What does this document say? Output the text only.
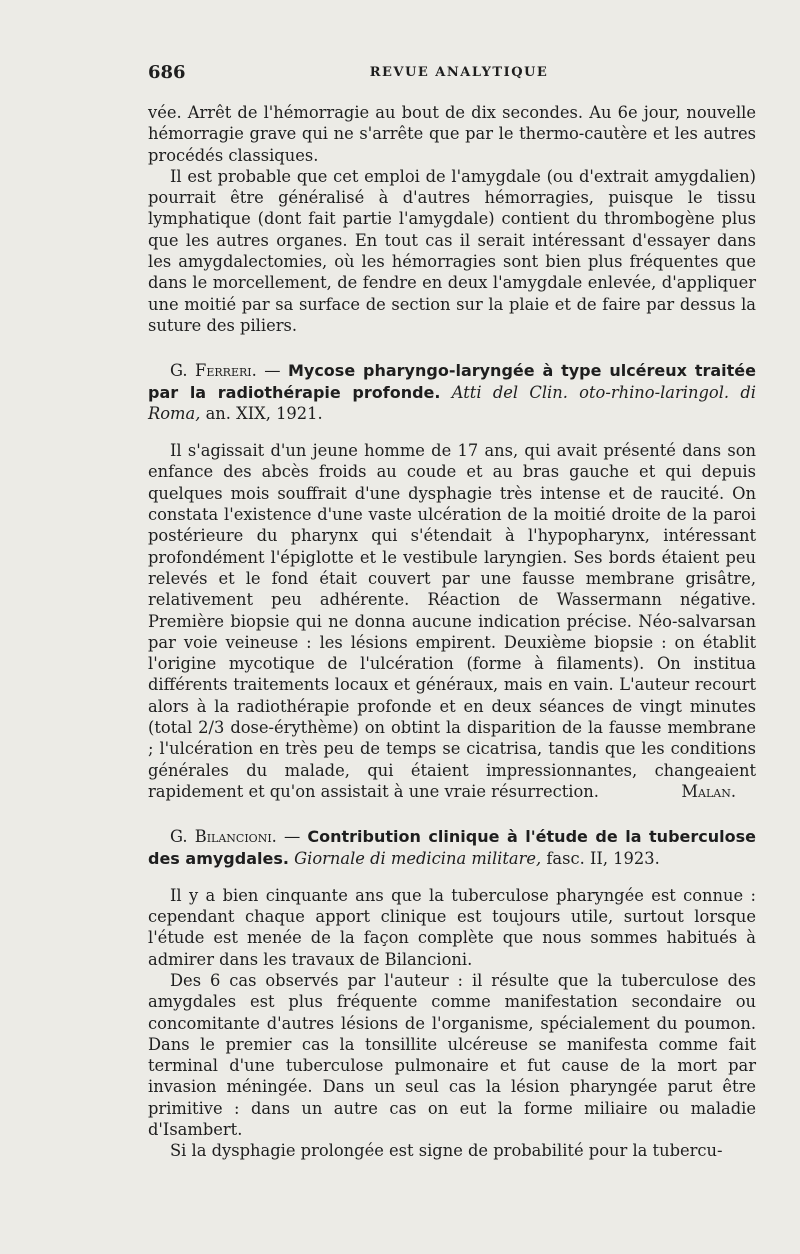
686	REVUE ANALYTIQUE

vée. Arrêt de l'hémorragie au bout de dix secondes. Au 6e jour, nouvelle hémorragie grave qui ne s'arrête que par le thermo-cautère et les autres procédés classiques.

Il est probable que cet emploi de l'amygdale (ou d'extrait amygdalien) pourrait être généralisé à d'autres hémorragies, puisque le tissu lymphatique (dont fait partie l'amygdale) contient du thrombogène plus que les autres organes. En tout cas il serait intéressant d'essayer dans les amygdalectomies, où les hémorragies sont bien plus fréquentes que dans le morcellement, de fendre en deux l'amygdale enlevée, d'appliquer une moitié par sa surface de section sur la plaie et de faire par dessus la suture des piliers.

G. Ferreri. — Mycose pharyngo-laryngée à type ulcéreux traitée par la radiothérapie profonde. Atti del Clin. oto-rhino-laringol. di Roma, an. XIX, 1921.

Il s'agissait d'un jeune homme de 17 ans, qui avait présenté dans son enfance des abcès froids au coude et au bras gauche et qui depuis quelques mois souffrait d'une dysphagie très intense et de raucité. On constata l'existence d'une vaste ulcération de la moitié droite de la paroi postérieure du pharynx qui s'étendait à l'hypopharynx, intéressant profondément l'épiglotte et le vestibule laryngien. Ses bords étaient peu relevés et le fond était couvert par une fausse membrane grisâtre, relativement peu adhérente. Réaction de Wassermann négative. Première biopsie qui ne donna aucune indication précise. Néo-salvarsan par voie veineuse : les lésions empirent. Deuxième biopsie : on établit l'origine mycotique de l'ulcération (forme à filaments). On institua différents traitements locaux et généraux, mais en vain. L'auteur recourt alors à la radiothérapie profonde et en deux séances de vingt minutes (total 2/3 dose-érythème) on obtint la disparition de la fausse membrane ; l'ulcération en très peu de temps se cicatrisa, tandis que les conditions générales du malade, qui étaient impressionnantes, changeaient rapidement et qu'on assistait à une vraie résurrection.	Malan.

G. Bilancioni. — Contribution clinique à l'étude de la tuberculose des amygdales. Giornale di medicina militare, fasc. II, 1923.

Il y a bien cinquante ans que la tuberculose pharyngée est connue : cependant chaque apport clinique est toujours utile, surtout lorsque l'étude est menée de la façon complète que nous sommes habitués à admirer dans les travaux de Bilancioni.

Des 6 cas observés par l'auteur : il résulte que la tuberculose des amygdales est plus fréquente comme manifestation secondaire ou concomitante d'autres lésions de l'organisme, spécialement du poumon. Dans le premier cas la tonsillite ulcéreuse se manifesta comme fait terminal d'une tuberculose pulmonaire et fut cause de la mort par invasion méningée. Dans un seul cas la lésion pharyngée parut être primitive : dans un autre cas on eut la forme miliaire ou maladie d'Isambert.

Si la dysphagie prolongée est signe de probabilité pour la tubercu-
